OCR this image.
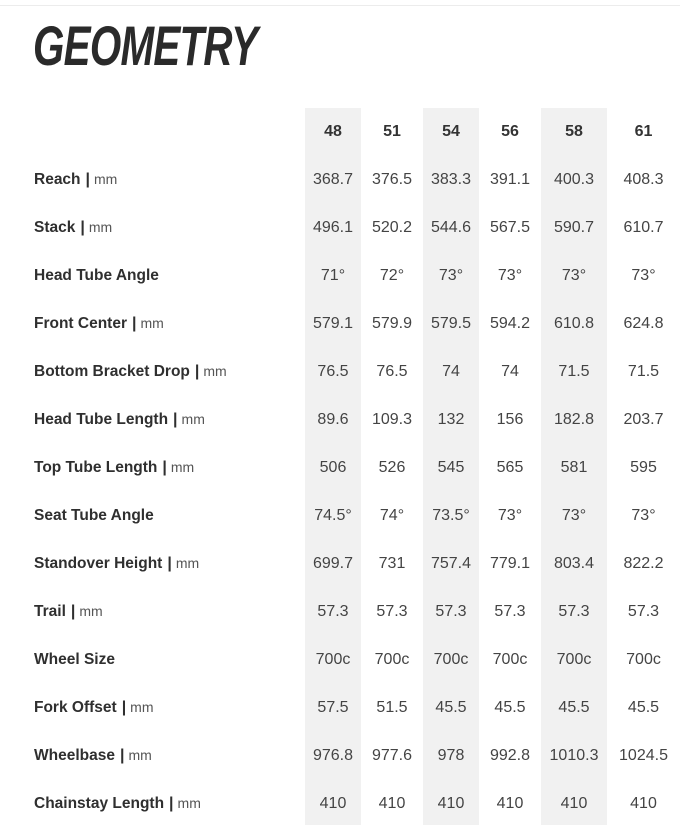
GEOMETRY
	48	51	54	56	58	61
Reach | mm	368.7	376.5	383.3	391.1	400.3	408.3
Stack | mm	496.1	520.2	544.6	567.5	590.7	610.7
Head Tube Angle	71°	72°	73°	73°	73°	73°
Front Center | mm	579.1	579.9	579.5	594.2	610.8	624.8
Bottom Bracket Drop | mm	76.5	76.5	74	74	71.5	71.5
Head Tube Length | mm	89.6	109.3	132	156	182.8	203.7
Top Tube Length | mm	506	526	545	565	581	595
Seat Tube Angle	74.5°	74°	73.5°	73°	73°	73°
Standover Height | mm	699.7	731	757.4	779.1	803.4	822.2
Trail | mm	57.3	57.3	57.3	57.3	57.3	57.3
Wheel Size	700c	700c	700c	700c	700c	700c
Fork Offset | mm	57.5	51.5	45.5	45.5	45.5	45.5
Wheelbase | mm	976.8	977.6	978	992.8	1010.3	1024.5
Chainstay Length | mm	410	410	410	410	410	410
